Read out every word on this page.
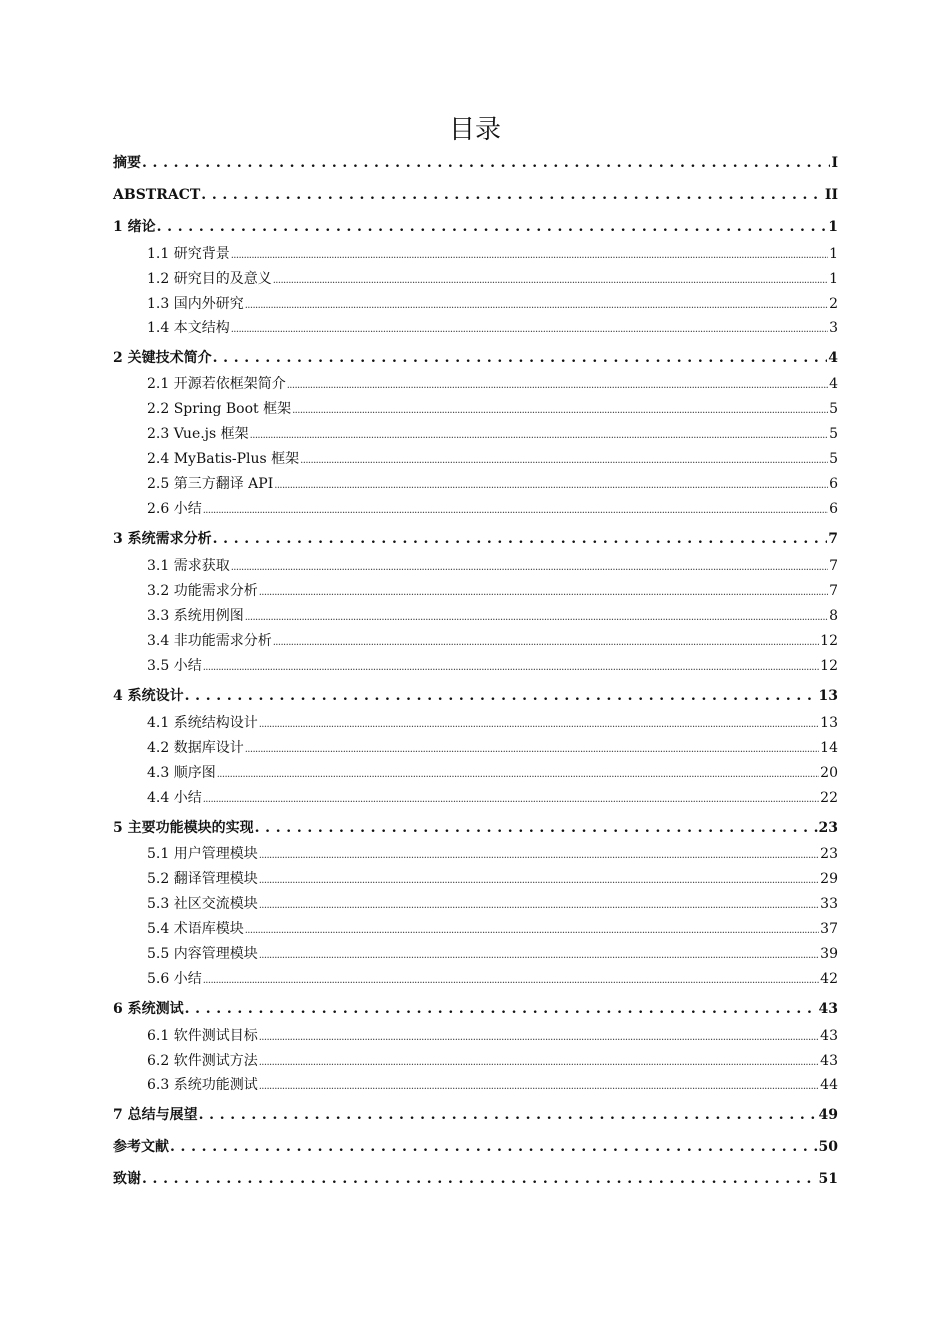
目录
摘要 . . .	I
ABSTRACT . . .	II
1 绪论 . . .	1
1.1 研究背景 .....	1
1.2 研究目的及意义 .....	1
1.3 国内外研究 .....	2
1.4 本文结构 .....	3
2 关键技术简介 . . .	4
2.1 开源若依框架简介 .....	4
2.2 Spring Boot 框架 .....	5
2.3 Vue.js 框架 .....	5
2.4 MyBatis-Plus 框架 .....	5
2.5 第三方翻译 API .....	6
2.6 小结 .....	6
3 系统需求分析 . . .	7
3.1 需求获取 .....	7
3.2 功能需求分析 .....	7
3.3 系统用例图 .....	8
3.4 非功能需求分析 .....	12
3.5 小结 .....	12
4 系统设计 . . .	13
4.1 系统结构设计 .....	13
4.2 数据库设计 .....	14
4.3 顺序图 .....	20
4.4 小结 .....	22
5 主要功能模块的实现 . . .	23
5.1 用户管理模块 .....	23
5.2 翻译管理模块 .....	29
5.3 社区交流模块 .....	33
5.4 术语库模块 .....	37
5.5 内容管理模块 .....	39
5.6 小结 .....	42
6 系统测试 . . .	43
6.1 软件测试目标 .....	43
6.2 软件测试方法 .....	43
6.3 系统功能测试 .....	44
7 总结与展望 . . .	49
参考文献 . . .	50
致谢 . . .	51
